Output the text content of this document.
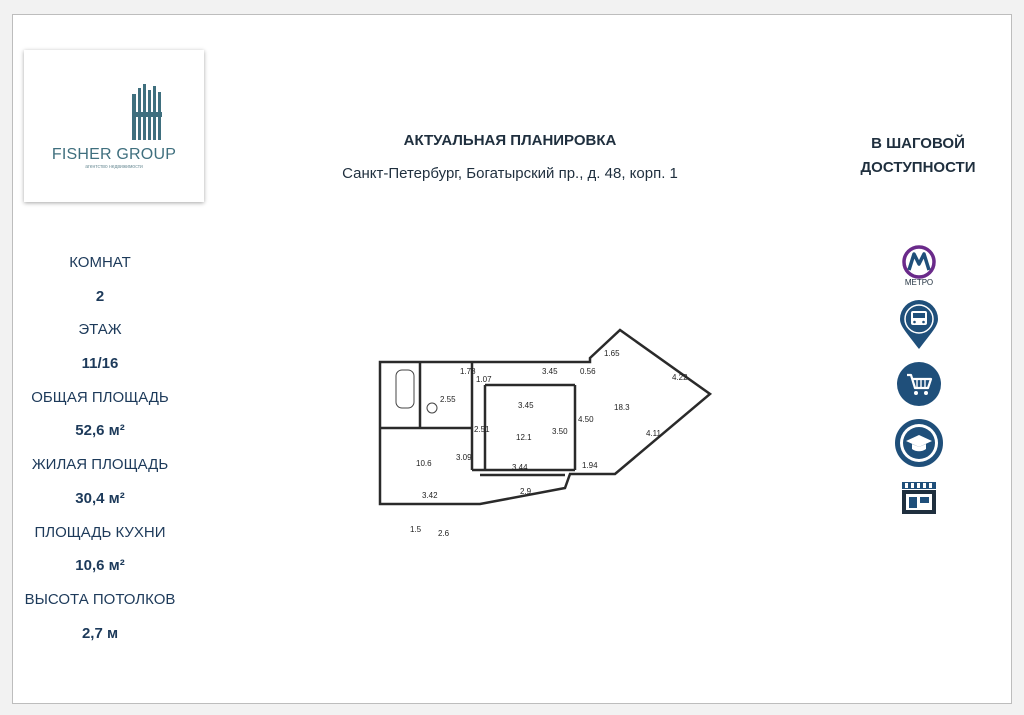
FISHER GROUP
агентство недвижимости
АКТУАЛЬНАЯ ПЛАНИРОВКА
Санкт-Петербург, Богатырский пр., д. 48, корп. 1
В ШАГОВОЙ
ДОСТУПНОСТИ
КОМНАТ
2
ЭТАЖ
11/16
ОБЩАЯ ПЛОЩАДЬ
52,6 м²
ЖИЛАЯ ПЛОЩАДЬ
30,4 м²
ПЛОЩАДЬ КУХНИ
10,6 м²
ВЫСОТА ПОТОЛКОВ
2,7 м
МЕТРО
1.78	3.45	0.56
1.65
4.22
3.45
3.50
4.50
4.11
3.44	1.94
3.42
3.09
2.51
1.07
10.6
12.1
18.3
2.9
2.55
1.5 2.6
